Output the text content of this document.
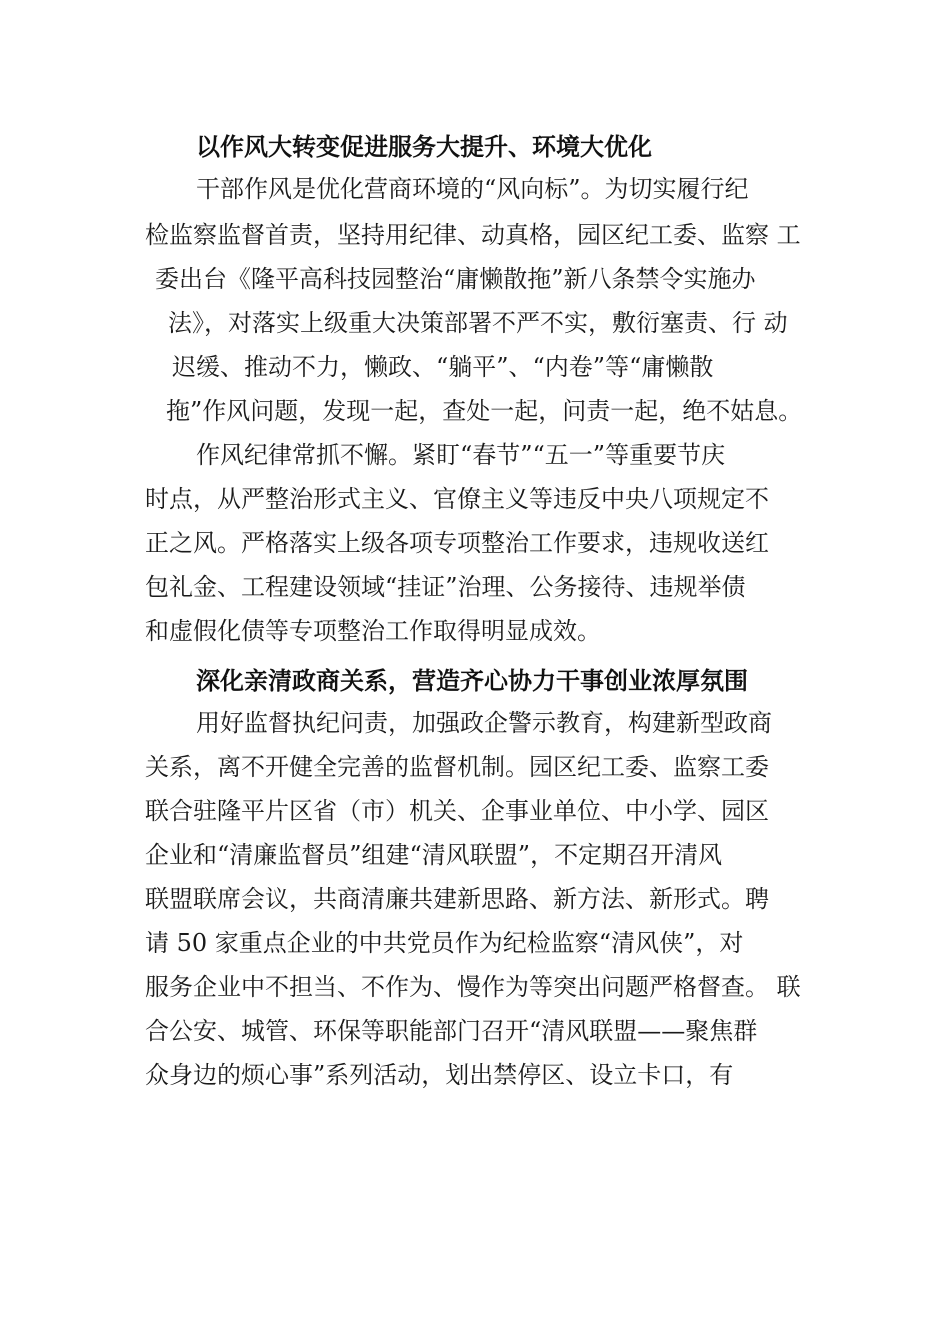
以作风大转变促进服务大提升、环境大优化
干部作风是优化营商环境的“风向标”。为切实履行纪
检监察监督首责，坚持用纪律、动真格，园区纪工委、监察 工
委出台《隆平高科技园整治“庸懒散拖”新八条禁令实施办
法》，对落实上级重大决策部署不严不实，敷衍塞责、行 动
迟缓、推动不力，懒政、“躺平”、“内卷”等“庸懒散
拖”作风问题，发现一起，查处一起，问责一起，绝不姑息。
作风纪律常抓不懈。紧盯“春节”“五一”等重要节庆
时点，从严整治形式主义、官僚主义等违反中央八项规定不
正之风。严格落实上级各项专项整治工作要求，违规收送红
包礼金、工程建设领域“挂证”治理、公务接待、违规举债
和虚假化债等专项整治工作取得明显成效。
深化亲清政商关系，营造齐心协力干事创业浓厚氛围
用好监督执纪问责，加强政企警示教育，构建新型政商
关系，离不开健全完善的监督机制。园区纪工委、监察工委
联合驻隆平片区省（市）机关、企事业单位、中小学、园区
企业和“清廉监督员”组建“清风联盟”，不定期召开清风
联盟联席会议，共商清廉共建新思路、新方法、新形式。聘
请 50 家重点企业的中共党员作为纪检监察“清风侠”，对
服务企业中不担当、不作为、慢作为等突出问题严格督查。 联
合公安、城管、环保等职能部门召开“清风联盟——聚焦群
众身边的烦心事”系列活动，划出禁停区、设立卡口，有
